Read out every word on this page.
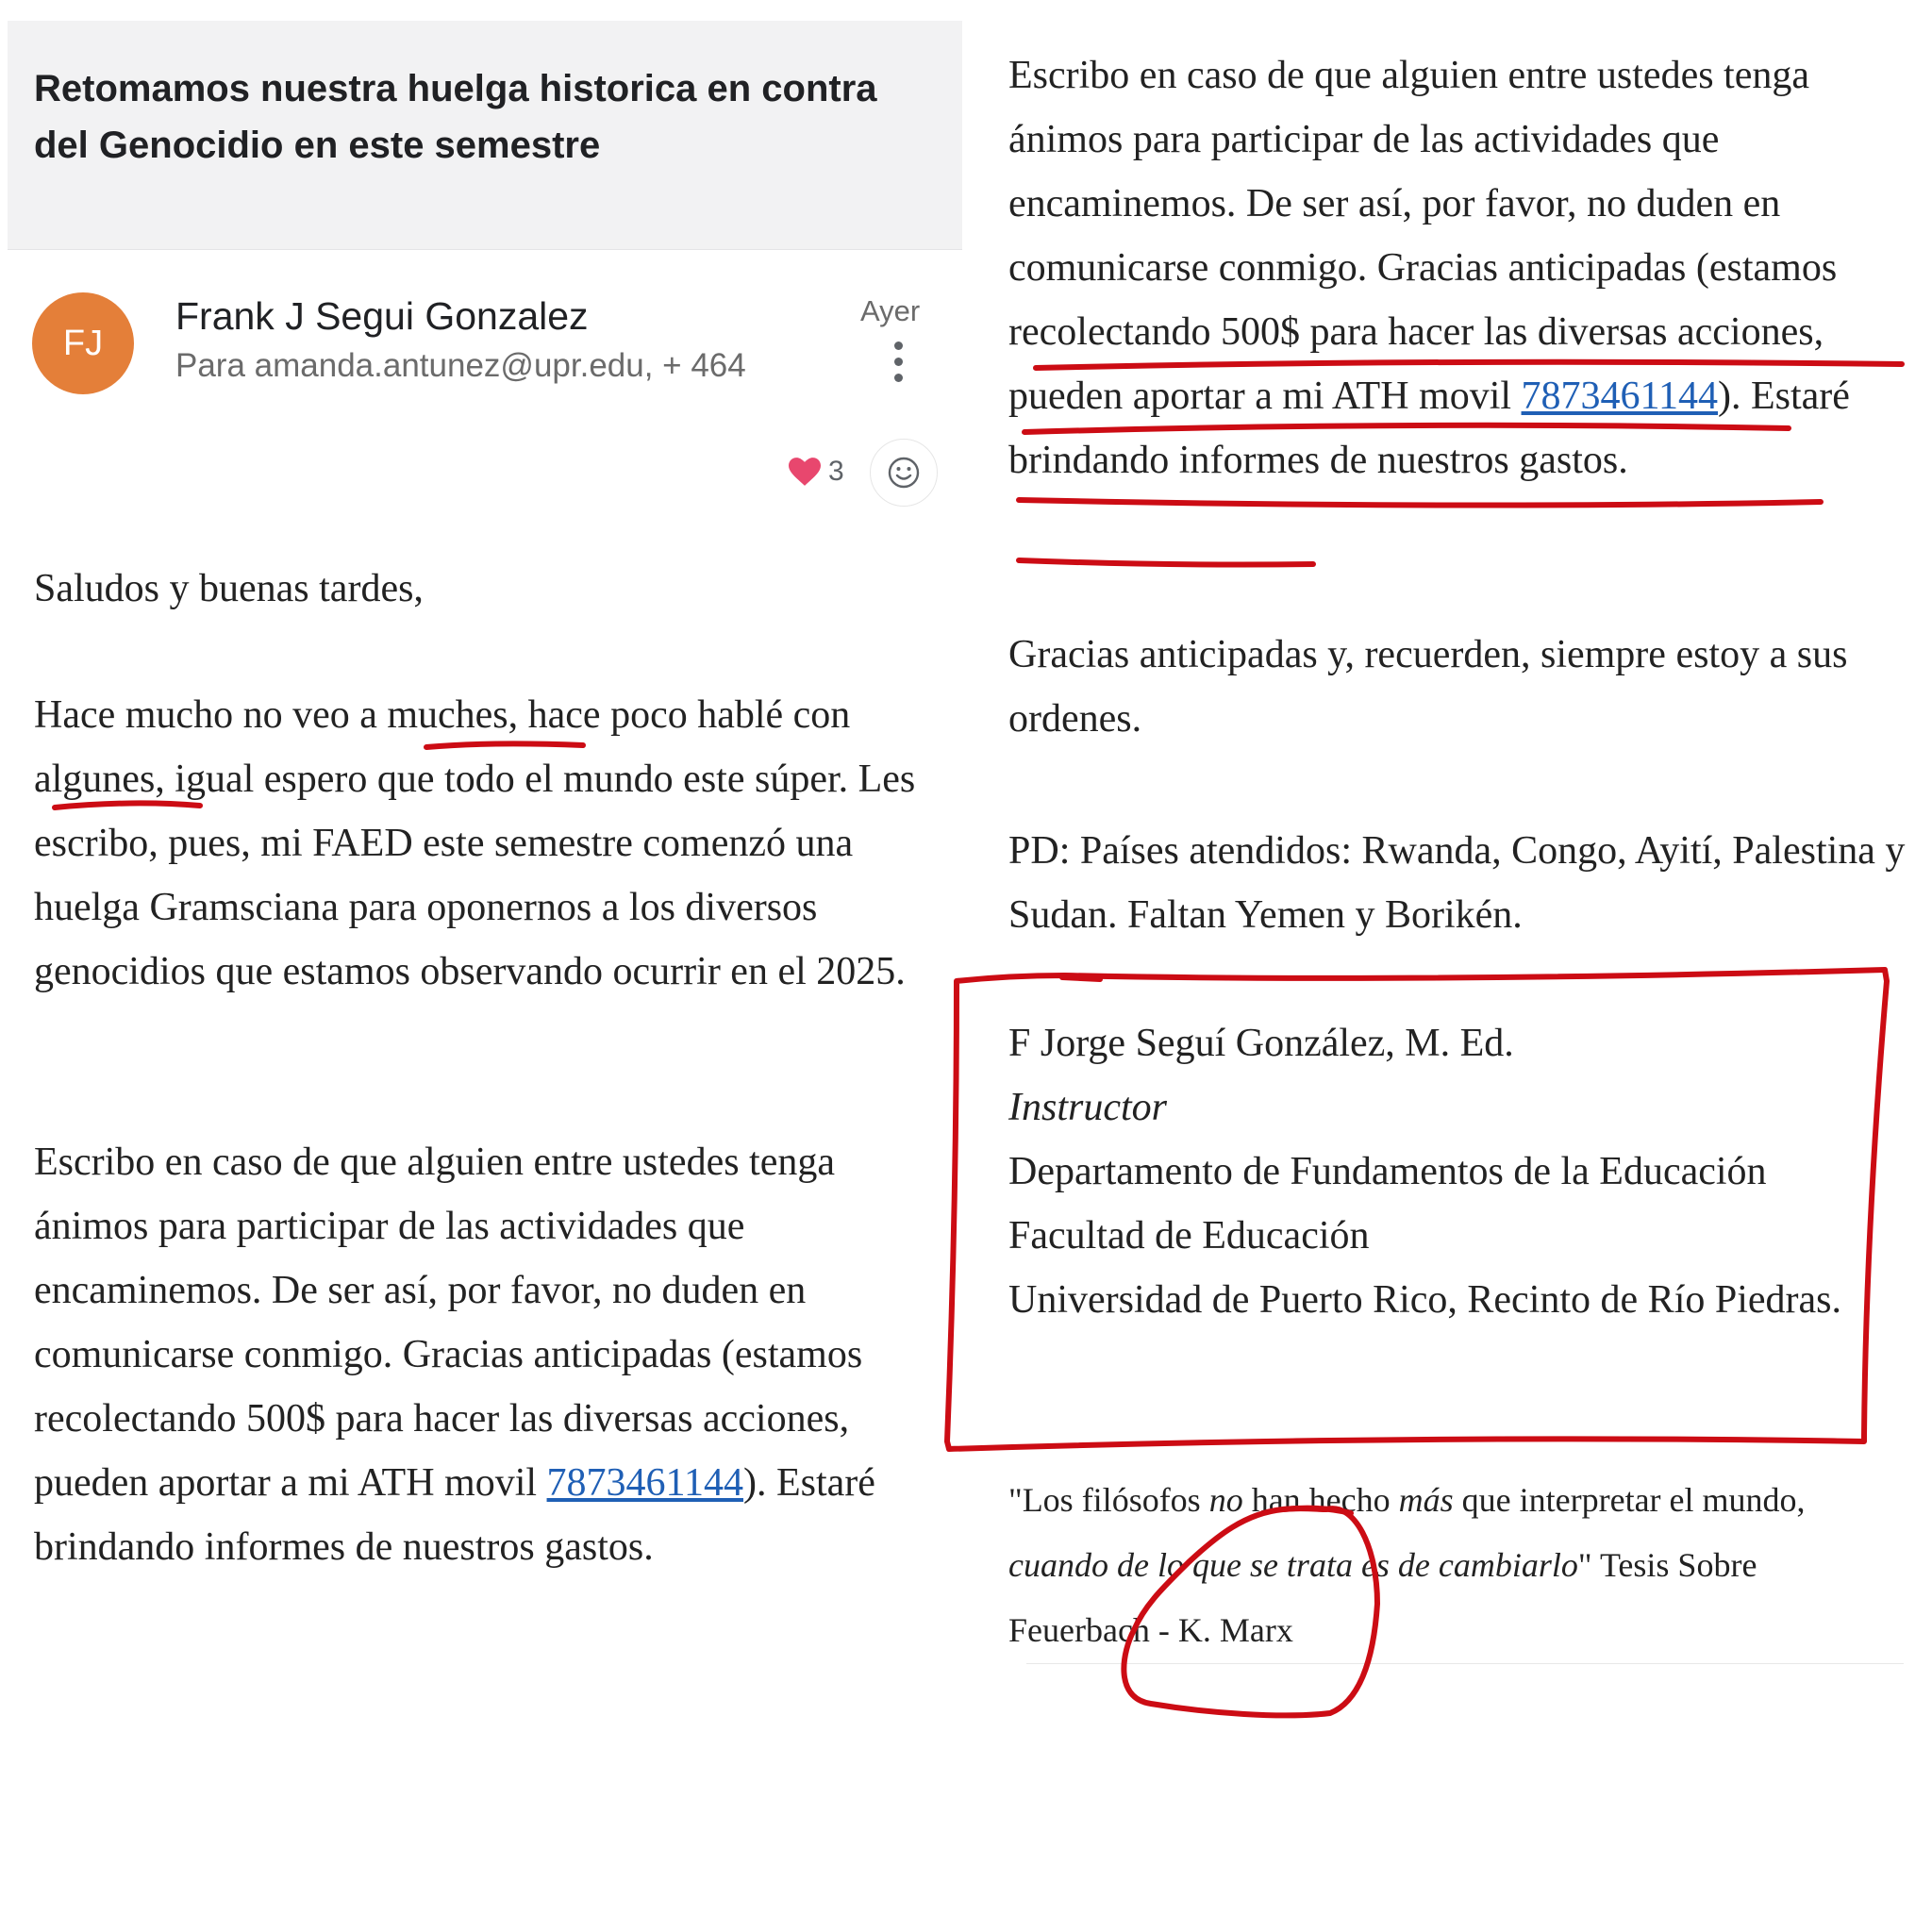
Retomamos nuestra huelga historica en contra del Genocidio en este semestre
FJ
Frank J Segui Gonzalez
Para amanda.antunez@upr.edu, + 464
Ayer
3

Saludos y buenas tardes,

Hace mucho no veo a muches, hace poco hablé con algunes, igual espero que todo el mundo este súper. Les escribo, pues, mi FAED este semestre comenzó una huelga Gramsciana para oponernos a los diversos genocidios que estamos observando ocurrir en el 2025.

Escribo en caso de que alguien entre ustedes tenga ánimos para participar de las actividades que encaminemos. De ser así, por favor, no duden en comunicarse conmigo. Gracias anticipadas (estamos recolectando 500$ para hacer las diversas acciones, pueden aportar a mi ATH movil 7873461144). Estaré brindando informes de nuestros gastos.

Escribo en caso de que alguien entre ustedes tenga ánimos para participar de las actividades que encaminemos. De ser así, por favor, no duden en comunicarse conmigo. Gracias anticipadas (estamos recolectando 500$ para hacer las diversas acciones, pueden aportar a mi ATH movil 7873461144). Estaré brindando informes de nuestros gastos.

Gracias anticipadas y, recuerden, siempre estoy a sus ordenes.

PD: Países atendidos: Rwanda, Congo, Ayití, Palestina y Sudan. Faltan Yemen y Borikén.

F Jorge Seguí González, M. Ed.

Instructor

Departamento de Fundamentos de la Educación

Facultad de Educación

Universidad de Puerto Rico, Recinto de Río Piedras.

"Los filósofos no han hecho más que interpretar el mundo, cuando de lo que se trata es de cambiarlo" Tesis Sobre Feuerbach - K. Marx
